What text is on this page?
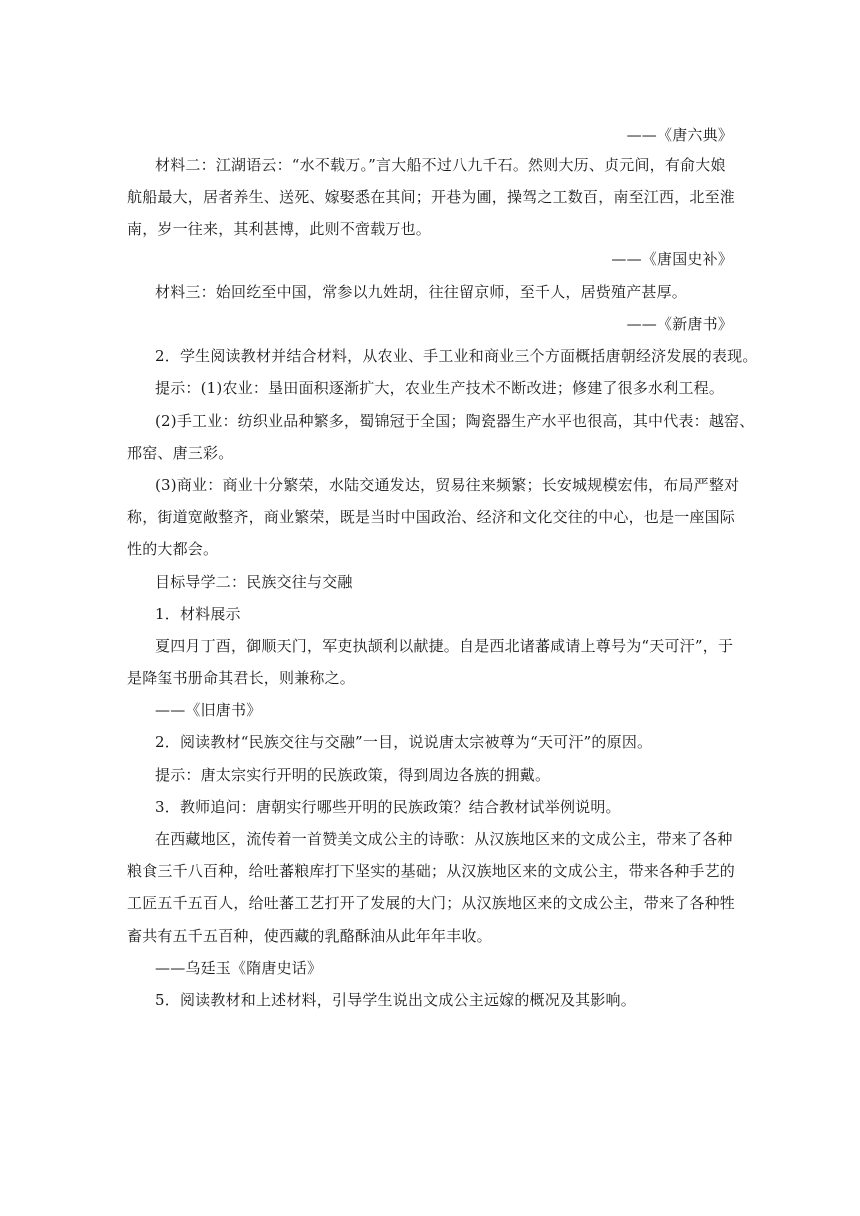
——《唐六典》
材料二：江湖语云：“水不载万。”言大船不过八九千石。然则大历、贞元间，有俞大娘
航船最大，居者养生、送死、嫁娶悉在其间；开巷为圃，操驾之工数百，南至江西，北至淮
南，岁一往来，其利甚博，此则不啻载万也。
——《唐国史补》
材料三：始回纥至中国，常参以九姓胡，往往留京师，至千人，居赀殖产甚厚。
——《新唐书》
2．学生阅读教材并结合材料，从农业、手工业和商业三个方面概括唐朝经济发展的表现。
提示：(1)农业：垦田面积逐渐扩大，农业生产技术不断改进；修建了很多水利工程。
(2)手工业：纺织业品种繁多，蜀锦冠于全国；陶瓷器生产水平也很高，其中代表：越窑、
邢窑、唐三彩。
(3)商业：商业十分繁荣，水陆交通发达，贸易往来频繁；长安城规模宏伟，布局严整对
称，街道宽敞整齐，商业繁荣，既是当时中国政治、经济和文化交往的中心，也是一座国际
性的大都会。
目标导学二：民族交往与交融
1．材料展示
夏四月丁酉，御顺天门，军吏执颉利以献捷。自是西北诸蕃咸请上尊号为“天可汗”，于
是降玺书册命其君长，则兼称之。
——《旧唐书》
2．阅读教材“民族交往与交融”一目，说说唐太宗被尊为“天可汗”的原因。
提示：唐太宗实行开明的民族政策，得到周边各族的拥戴。
3．教师追问：唐朝实行哪些开明的民族政策？结合教材试举例说明。
在西藏地区，流传着一首赞美文成公主的诗歌：从汉族地区来的文成公主，带来了各种
粮食三千八百种，给吐蕃粮库打下坚实的基础；从汉族地区来的文成公主，带来各种手艺的
工匠五千五百人，给吐蕃工艺打开了发展的大门；从汉族地区来的文成公主，带来了各种牲
畜共有五千五百种，使西藏的乳酪酥油从此年年丰收。
——乌廷玉《隋唐史话》
5．阅读教材和上述材料，引导学生说出文成公主远嫁的概况及其影响。
